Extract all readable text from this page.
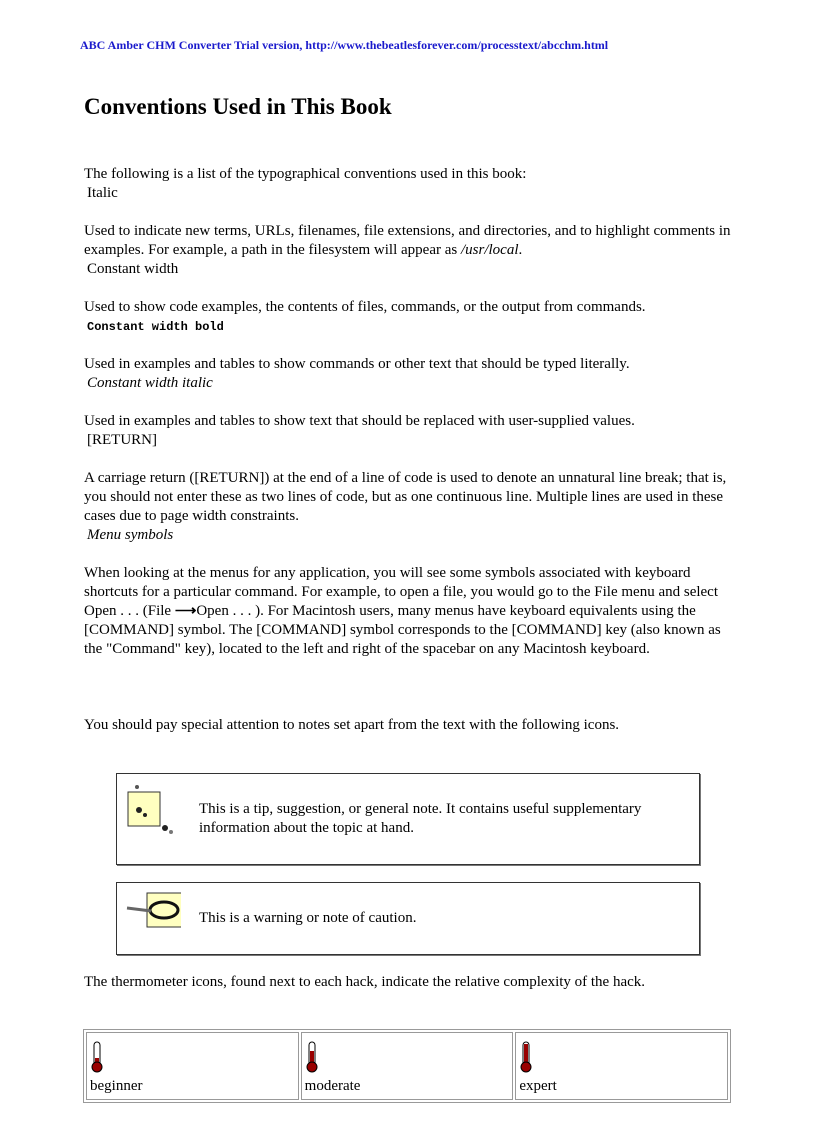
ABC Amber CHM Converter Trial version, http://www.thebeatlesforever.com/processtext/abcchm.html
Conventions Used in This Book
The following is a list of the typographical conventions used in this book:
Italic
Used to indicate new terms, URLs, filenames, file extensions, and directories, and to highlight comments in examples. For example, a path in the filesystem will appear as /usr/local.
Constant width
Used to show code examples, the contents of files, commands, or the output from commands.
Constant width bold
Used in examples and tables to show commands or other text that should be typed literally.
Constant width italic
Used in examples and tables to show text that should be replaced with user-supplied values.
[RETURN]
A carriage return ([RETURN]) at the end of a line of code is used to denote an unnatural line break; that is, you should not enter these as two lines of code, but as one continuous line. Multiple lines are used in these cases due to page width constraints.
Menu symbols
When looking at the menus for any application, you will see some symbols associated with keyboard shortcuts for a particular command. For example, to open a file, you would go to the File menu and select Open . . . (File ⟶Open . . . ). For Macintosh users, many menus have keyboard equivalents using the [COMMAND] symbol. The [COMMAND] symbol corresponds to the [COMMAND] key (also known as the "Command" key), located to the left and right of the spacebar on any Macintosh keyboard.
You should pay special attention to notes set apart from the text with the following icons.
This is a tip, suggestion, or general note. It contains useful supplementary information about the topic at hand.
This is a warning or note of caution.
The thermometer icons, found next to each hack, indicate the relative complexity of the hack.

beginner	moderate	expert
